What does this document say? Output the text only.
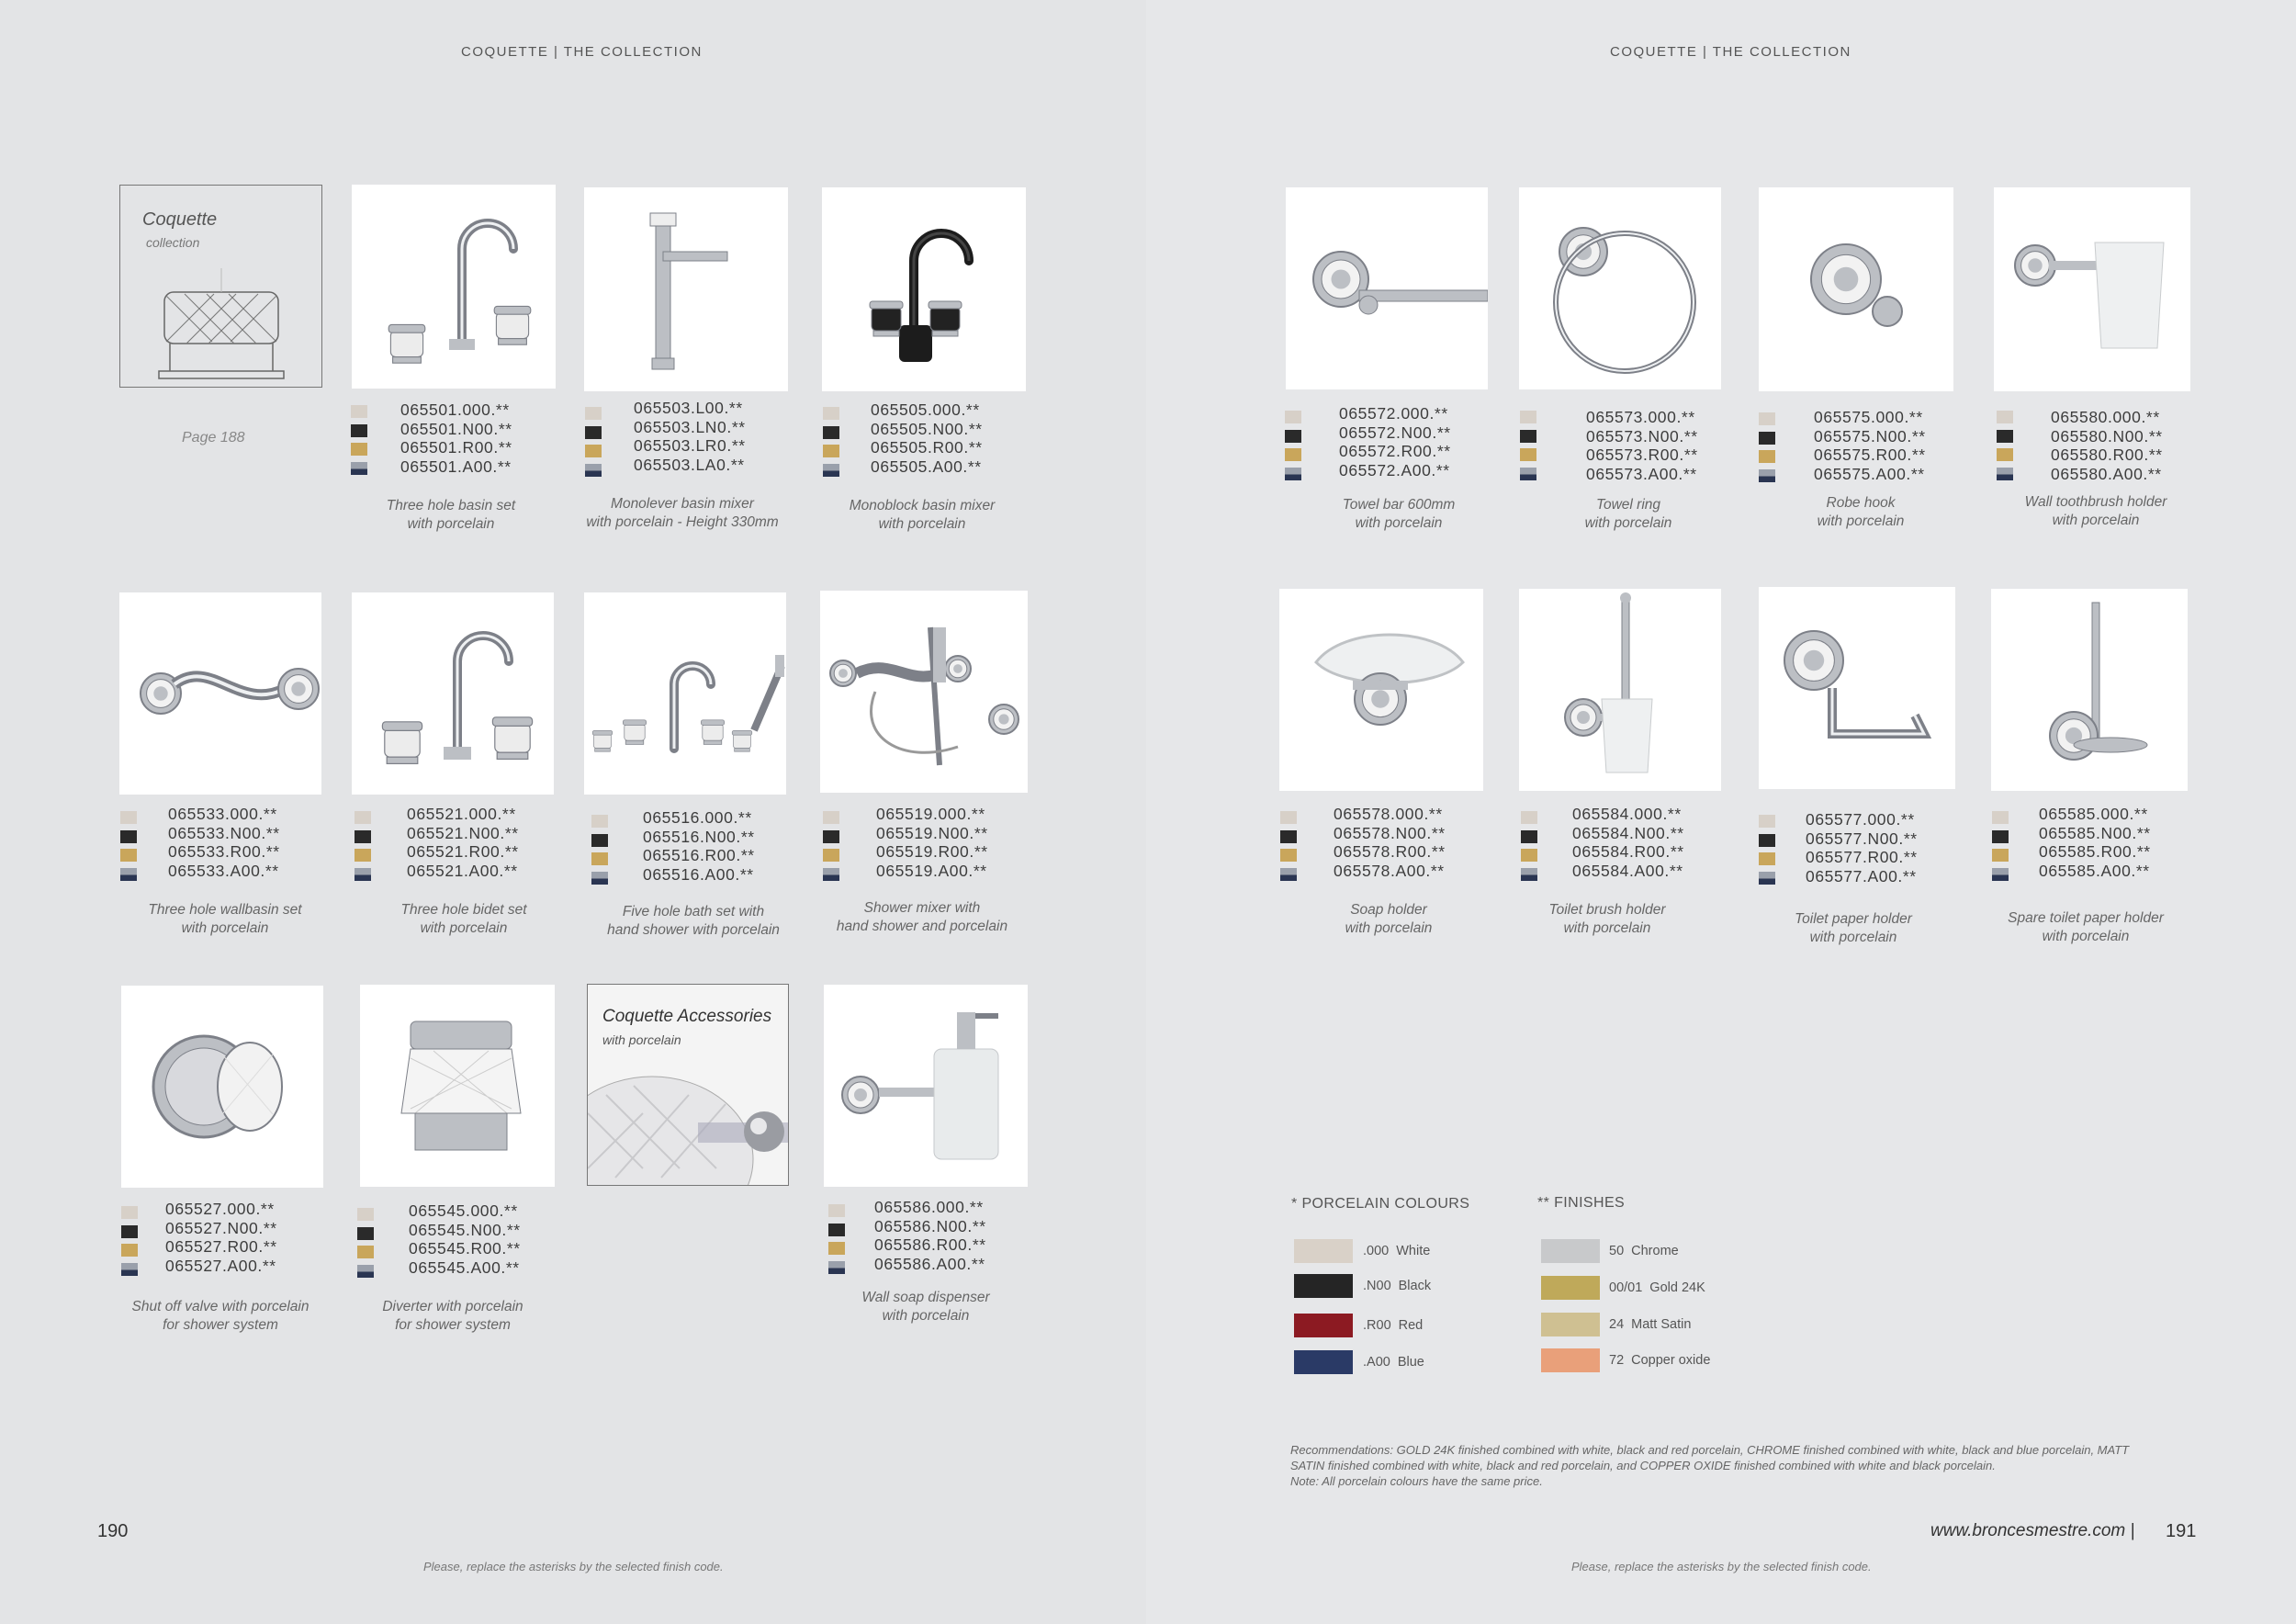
COQUETTE | THE COLLECTION
Coquette
collection
Page 188
Coquette Accessories
with porcelain
065501.000.**
065501.N00.**
065501.R00.**
065501.A00.**
Three hole basin set
with porcelain
065503.L00.**
065503.LN0.**
065503.LR0.**
065503.LA0.**
Monolever basin mixer
with porcelain - Height 330mm
065505.000.**
065505.N00.**
065505.R00.**
065505.A00.**
Monoblock basin mixer
with porcelain
065533.000.**
065533.N00.**
065533.R00.**
065533.A00.**
Three hole wallbasin set
with porcelain
065521.000.**
065521.N00.**
065521.R00.**
065521.A00.**
Three hole bidet set
with porcelain
065516.000.**
065516.N00.**
065516.R00.**
065516.A00.**
Five hole bath set with
hand shower with porcelain
065519.000.**
065519.N00.**
065519.R00.**
065519.A00.**
Shower mixer with
hand shower and porcelain
065527.000.**
065527.N00.**
065527.R00.**
065527.A00.**
Shut off valve with porcelain
for shower system
065545.000.**
065545.N00.**
065545.R00.**
065545.A00.**
Diverter with porcelain
for shower system
065586.000.**
065586.N00.**
065586.R00.**
065586.A00.**
Wall soap dispenser
with porcelain
190
Please, replace the asterisks by the selected finish code.
COQUETTE | THE COLLECTION
065572.000.**
065572.N00.**
065572.R00.**
065572.A00.**
Towel bar 600mm
with porcelain
065573.000.**
065573.N00.**
065573.R00.**
065573.A00.**
Towel ring
with porcelain
065575.000.**
065575.N00.**
065575.R00.**
065575.A00.**
Robe hook
with porcelain
065580.000.**
065580.N00.**
065580.R00.**
065580.A00.**
Wall toothbrush holder
with porcelain
065578.000.**
065578.N00.**
065578.R00.**
065578.A00.**
Soap holder
with porcelain
065584.000.**
065584.N00.**
065584.R00.**
065584.A00.**
Toilet brush holder
with porcelain
065577.000.**
065577.N00.**
065577.R00.**
065577.A00.**
Toilet paper holder
with porcelain
065585.000.**
065585.N00.**
065585.R00.**
065585.A00.**
Spare toilet paper holder
with porcelain
* PORCELAIN COLOURS
.000 White
.N00 Black
.R00 Red
.A00 Blue
** FINISHES
50 Chrome
00/01 Gold 24K
24 Matt Satin
72 Copper oxide
Recommendations: GOLD 24K finished combined with white, black and red porcelain, CHROME finished combined with white, black and blue porcelain, MATT
SATIN finished combined with white, black and red porcelain, and COPPER OXIDE finished combined with white and black porcelain.
Note: All porcelain colours have the same price.
www.broncesmestre.com | 191
Please, replace the asterisks by the selected finish code.
